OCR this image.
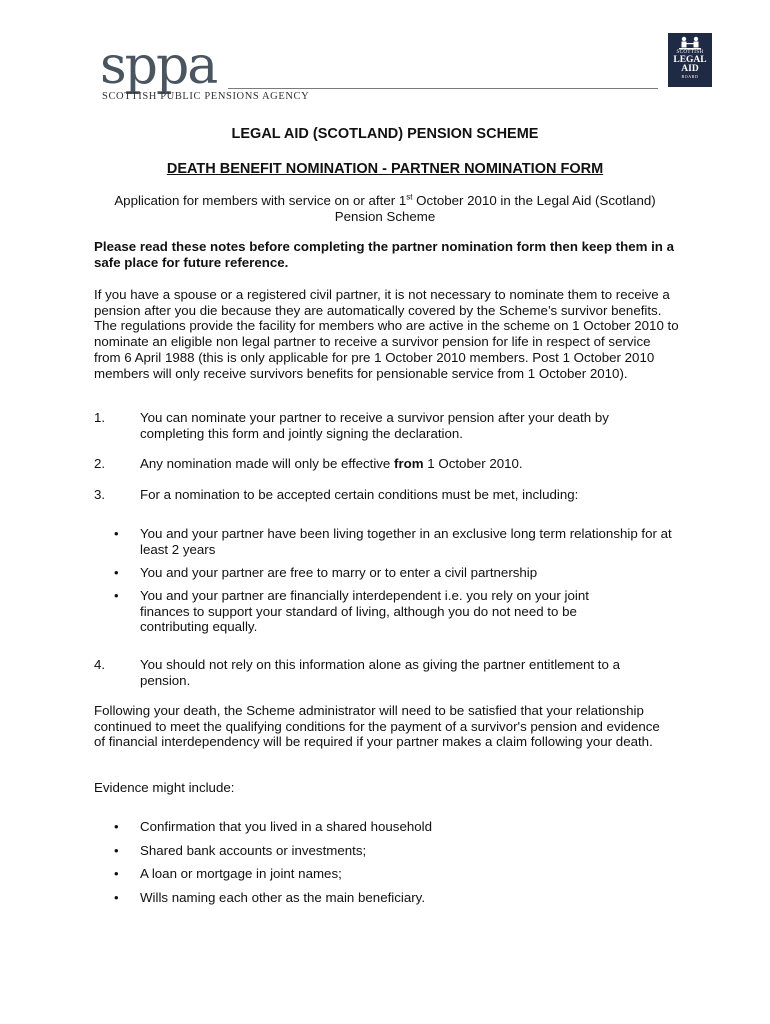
sppa
SCOTTISH PUBLIC PENSIONS AGENCY
SCOTTISH
LEGAL
AID
BOARD
LEGAL AID (SCOTLAND) PENSION SCHEME
DEATH BENEFIT NOMINATION - PARTNER NOMINATION FORM
Application for members with service on or after 1st October 2010 in the Legal Aid (Scotland)
Pension Scheme

Please read these notes before completing the partner nomination form then keep them in a safe place for future reference.

If you have a spouse or a registered civil partner, it is not necessary to nominate them to receive a pension after you die because they are automatically covered by the Scheme’s survivor benefits. The regulations provide the facility for members who are active in the scheme on 1 October 2010 to nominate an eligible non legal partner to receive a survivor pension for life in respect of service from 6 April 1988 (this is only applicable for pre 1 October 2010 members. Post 1 October 2010 members will only receive survivors benefits for pensionable service from 1 October 2010).

1.	You can nominate your partner to receive a survivor pension after your death by completing this form and jointly signing the declaration.
2.	Any nomination made will only be effective from 1 October 2010.
3.	For a nomination to be accepted certain conditions must be met, including:
• You and your partner have been living together in an exclusive long term relationship for at least 2 years
• You and your partner are free to marry or to enter a civil partnership
• You and your partner are financially interdependent i.e. you rely on your joint finances to support your standard of living, although you do not need to be contributing equally.
4.	You should not rely on this information alone as giving the partner entitlement to a pension.

Following your death, the Scheme administrator will need to be satisfied that your relationship continued to meet the qualifying conditions for the payment of a survivor's pension and evidence of financial interdependency will be required if your partner makes a claim following your death.

Evidence might include:

• Confirmation that you lived in a shared household
• Shared bank accounts or investments;
• A loan or mortgage in joint names;
• Wills naming each other as the main beneficiary.
